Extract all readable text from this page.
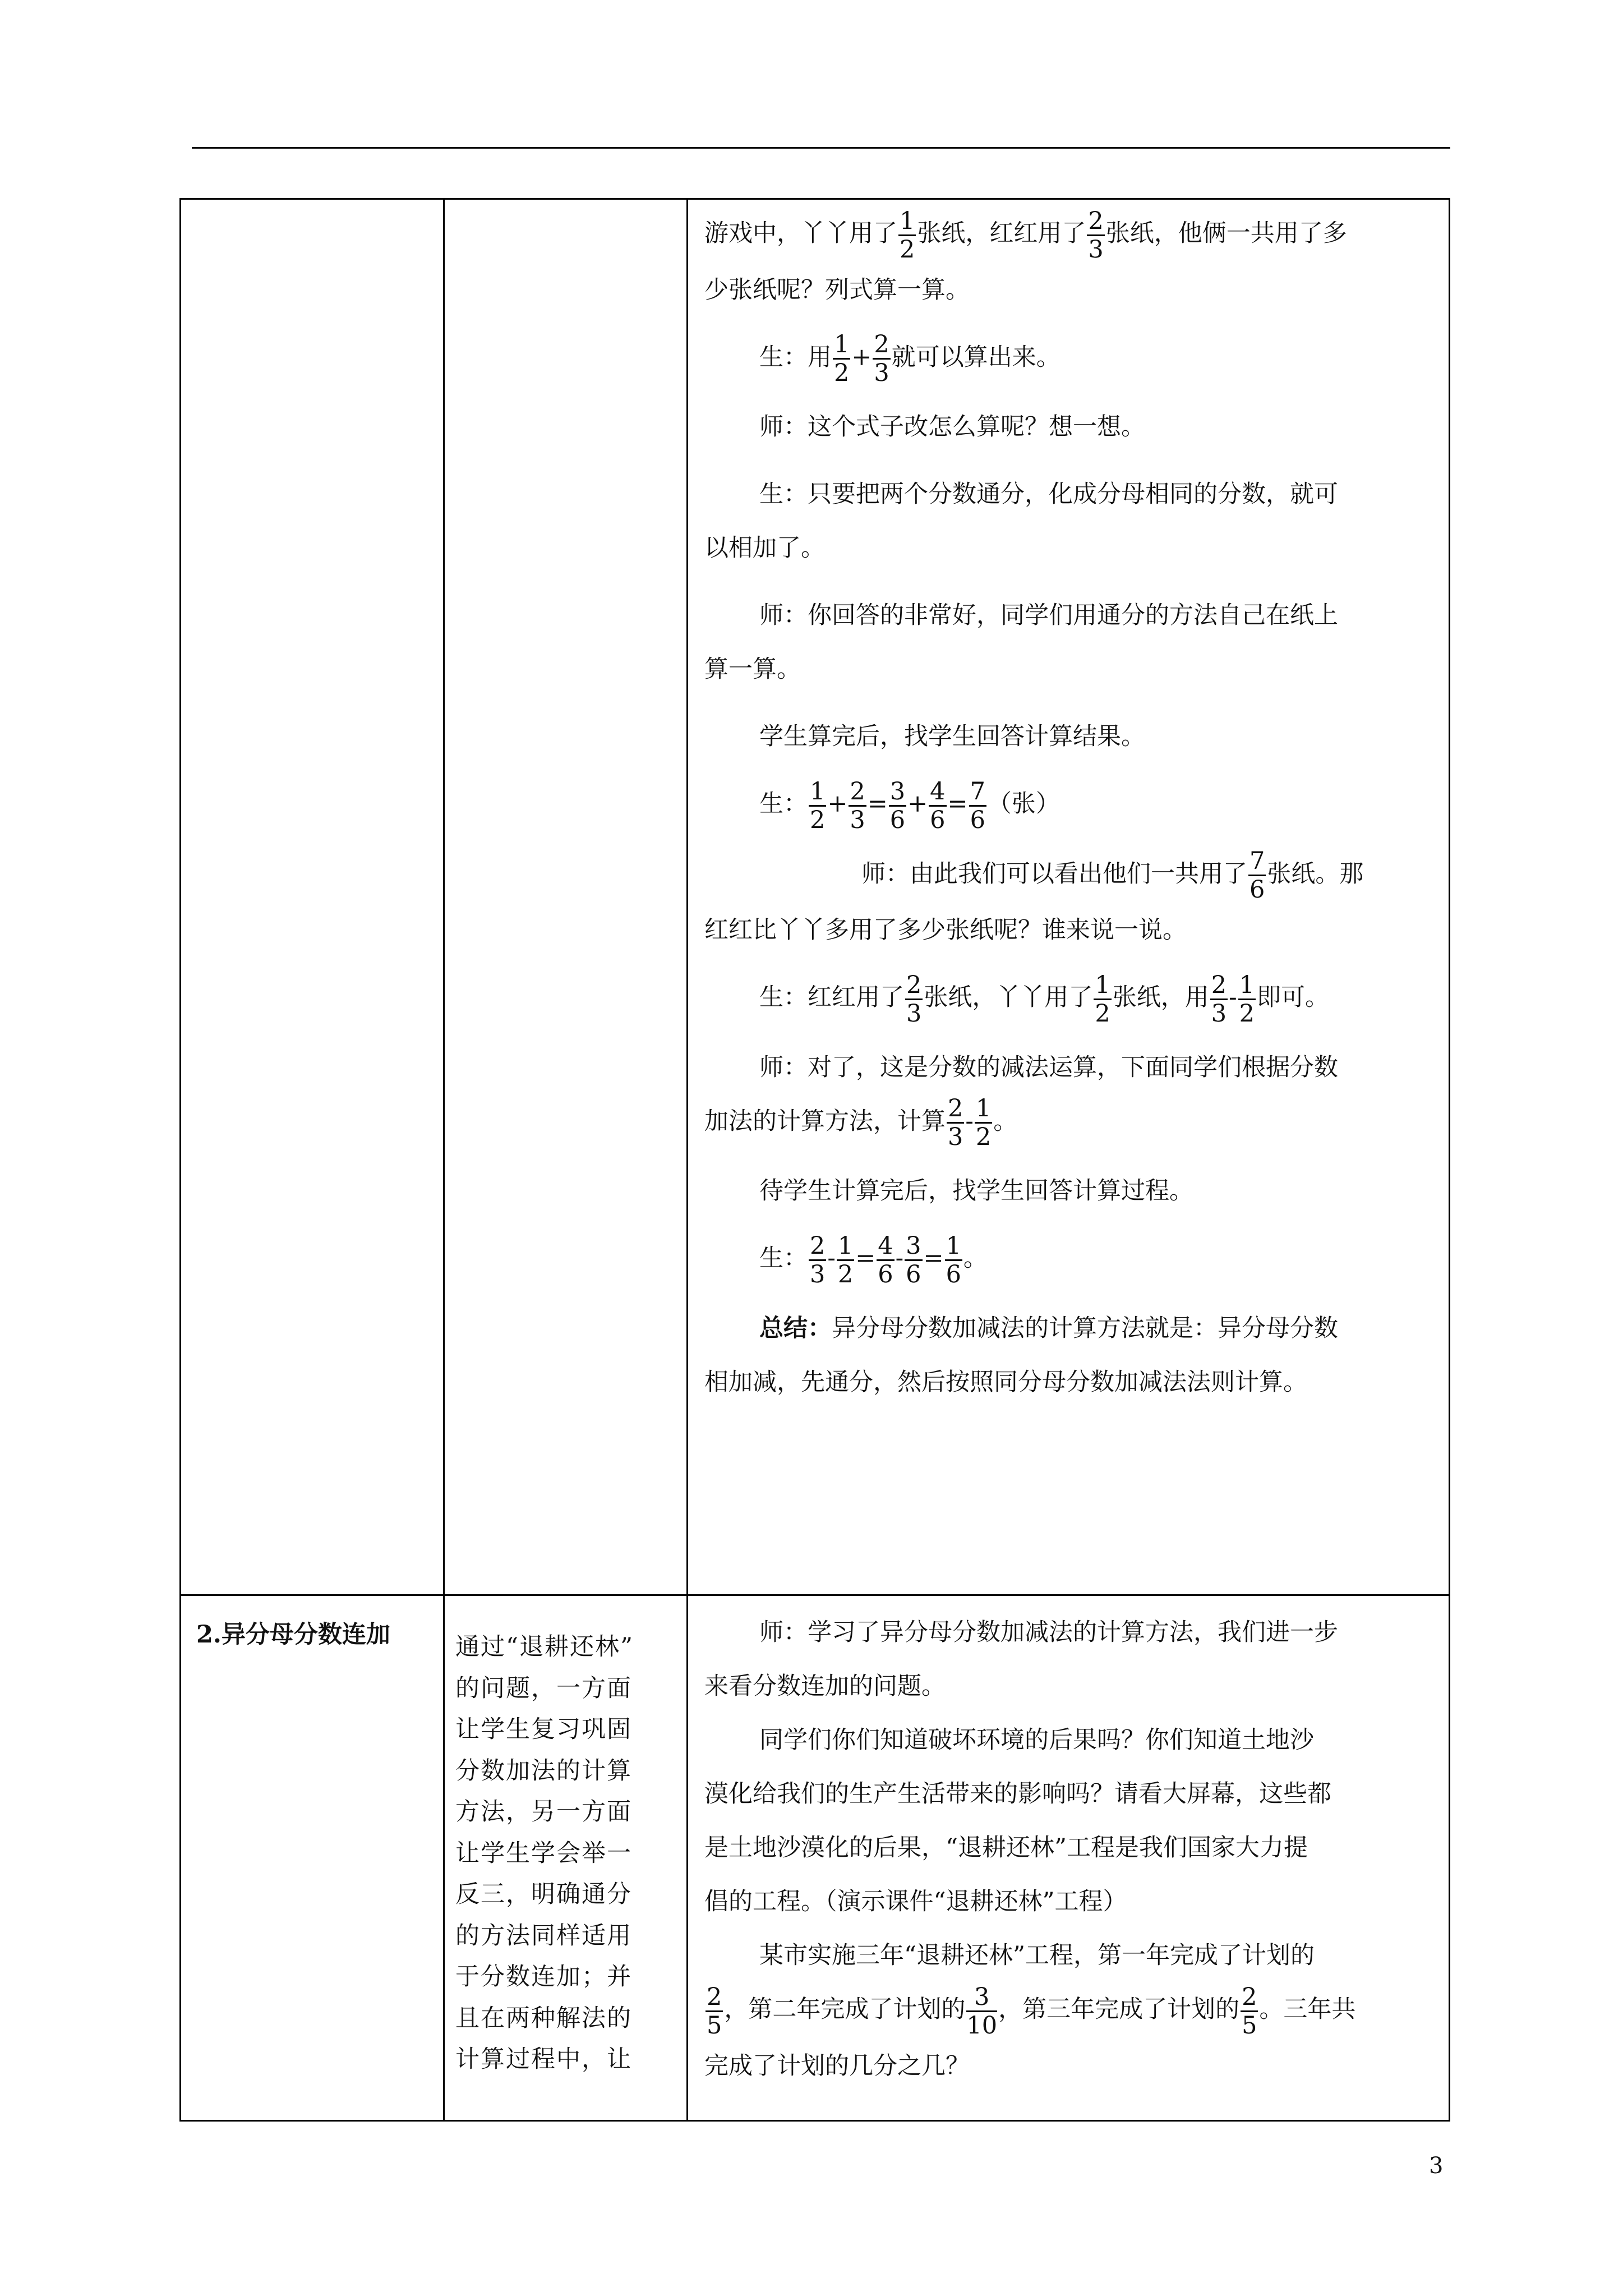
游戏中，丫丫用了 $\frac{1}{2}$ 张纸，红红用了 $\frac{2}{3}$ 张纸，他俩一共用了多
少张纸呢？列式算一算。
生：用 $\frac{1}{2} + \frac{2}{3}$ 就可以算出来。
师：这个式子改怎么算呢？想一想。
生：只要把两个分数通分，化成分母相同的分数，就可
以相加了。
师：你回答的非常好，同学们用通分的方法自己在纸上
算一算。
学生算完后，找学生回答计算结果。
生： $\frac{1}{2} + \frac{2}{3} = \frac{3}{6} + \frac{4}{6} = \frac{7}{6}$ （张）
师：由此我们可以看出他们一共用了 $\frac{7}{6}$ 张纸。那
红红比丫丫多用了多少张纸呢？谁来说一说。
生：红红用了 $\frac{2}{3}$ 张纸，丫丫用了 $\frac{1}{2}$ 张纸，用 $\frac{2}{3} - \frac{1}{2}$ 即可。
师：对了，这是分数的减法运算，下面同学们根据分数
加法的计算方法，计算 $\frac{2}{3} - \frac{1}{2}$ 。
待学生计算完后，找学生回答计算过程。
生： $\frac{2}{3} - \frac{1}{2} = \frac{4}{6} - \frac{3}{6} = \frac{1}{6}$ 。
总结：异分母分数加减法的计算方法就是：异分母分数
相加减，先通分，然后按照同分母分数加减法法则计算。
2.异分母分数连加	通过“退耕还林”
的问题，一方面
让学生复习巩固
分数加法的计算
方法，另一方面
让学生学会举一
反三，明确通分
的方法同样适用
于分数连加；并
且在两种解法的
计算过程中，让
师：学习了异分母分数加减法的计算方法，我们进一步
来看分数连加的问题。
同学们你们知道破坏环境的后果吗？你们知道土地沙
漠化给我们的生产生活带来的影响吗？请看大屏幕，这些都
是土地沙漠化的后果，“退耕还林”工程是我们国家大力提
倡的工程。（演示课件“退耕还林”工程）
某市实施三年“退耕还林”工程，第一年完成了计划的
$\frac{2}{5}$ ，第二年完成了计划的 $\frac{3}{10}$ ，第三年完成了计划的 $\frac{2}{5}$ 。三年共
完成了计划的几分之几？
3
